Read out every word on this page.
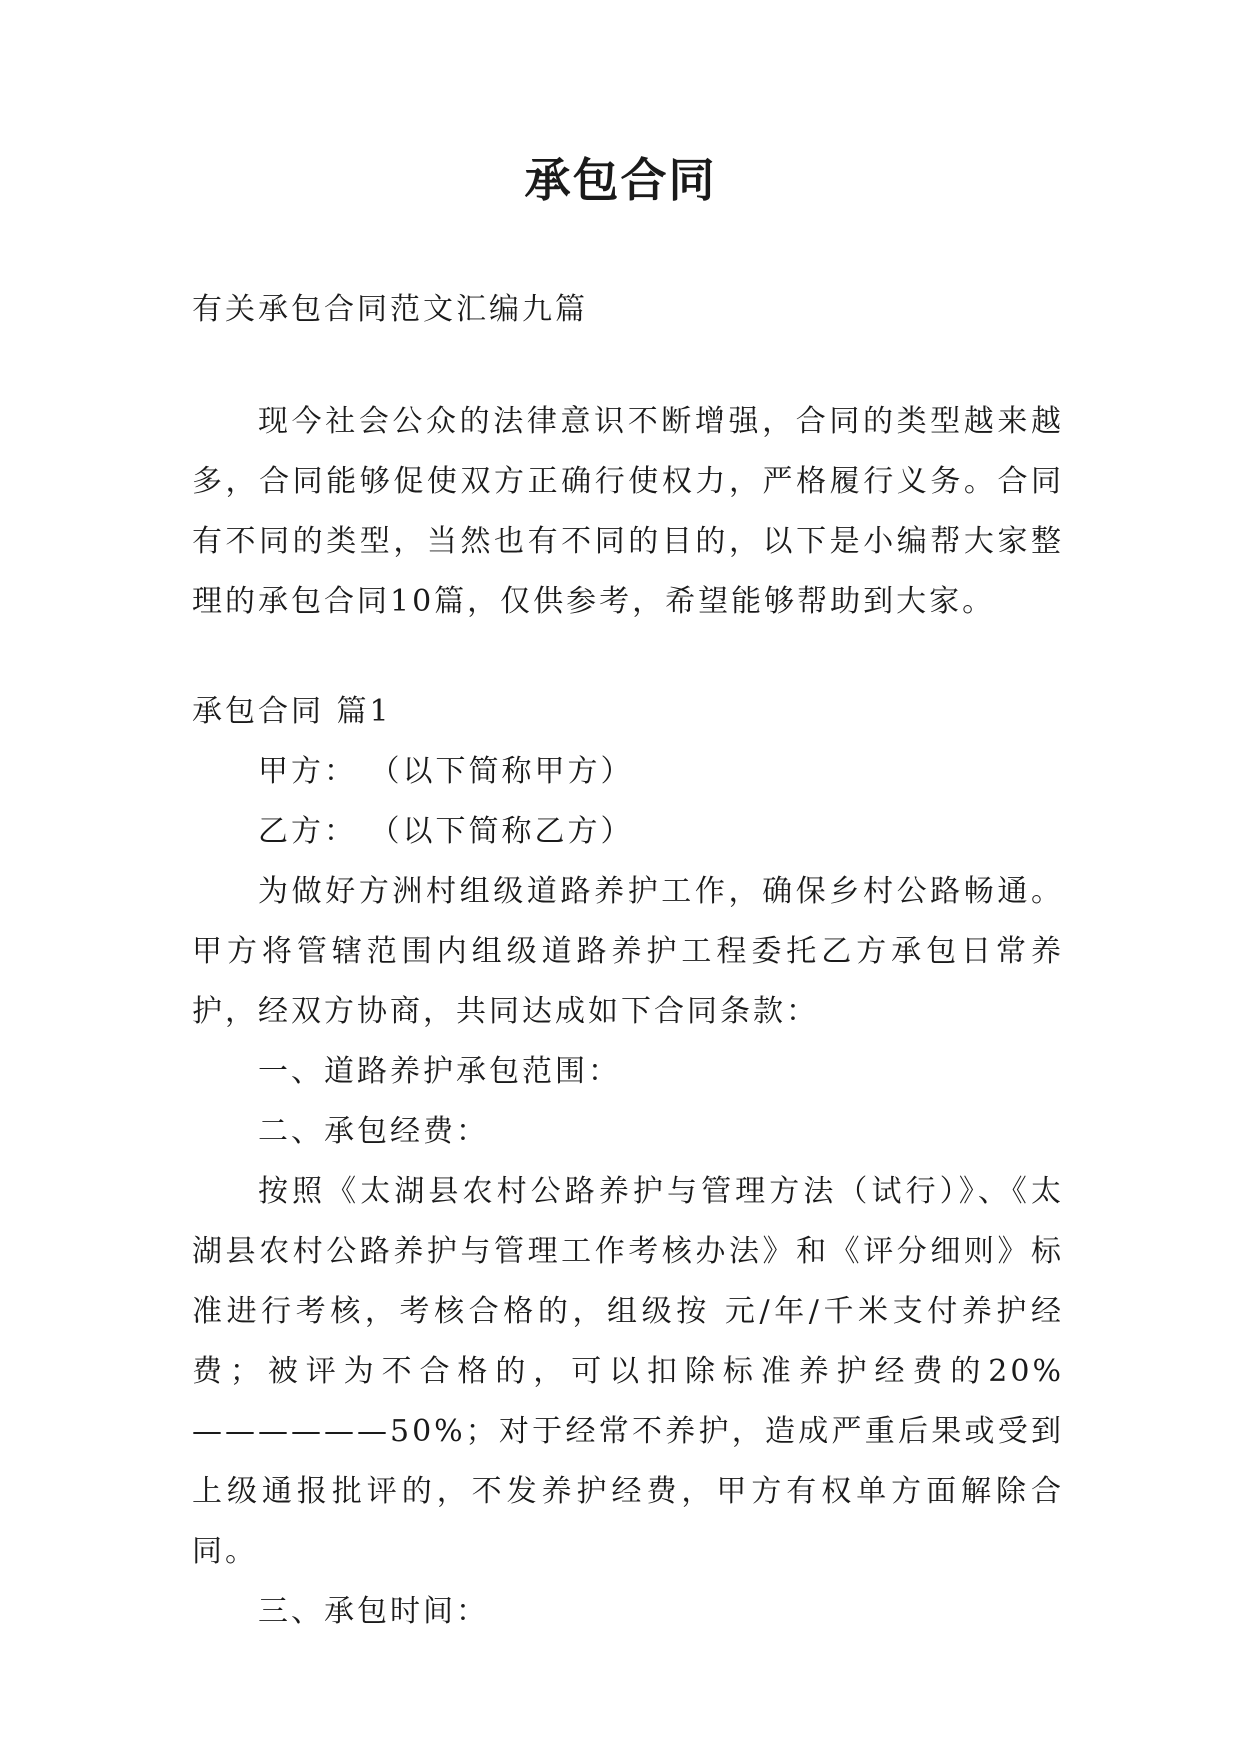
承包合同

有关承包合同范文汇编九篇

现今社会公众的法律意识不断增强，合同的类型越来越多，合同能够促使双方正确行使权力，严格履行义务。合同有不同的类型，当然也有不同的目的，以下是小编帮大家整理的承包合同10篇，仅供参考，希望能够帮助到大家。

承包合同 篇1

甲方： （以下简称甲方）

乙方： （以下简称乙方）

为做好方洲村组级道路养护工作，确保乡村公路畅通。甲方将管辖范围内组级道路养护工程委托乙方承包日常养护，经双方协商，共同达成如下合同条款：

一、道路养护承包范围：

二、承包经费：

按照《太湖县农村公路养护与管理方法（试行）》、《太湖县农村公路养护与管理工作考核办法》和《评分细则》标准进行考核，考核合格的，组级按 元/年/千米支付养护经费；被评为不合格的，可以扣除标准养护经费的20%——————50%；对于经常不养护，造成严重后果或受到上级通报批评的，不发养护经费，甲方有权单方面解除合同。

三、承包时间：
